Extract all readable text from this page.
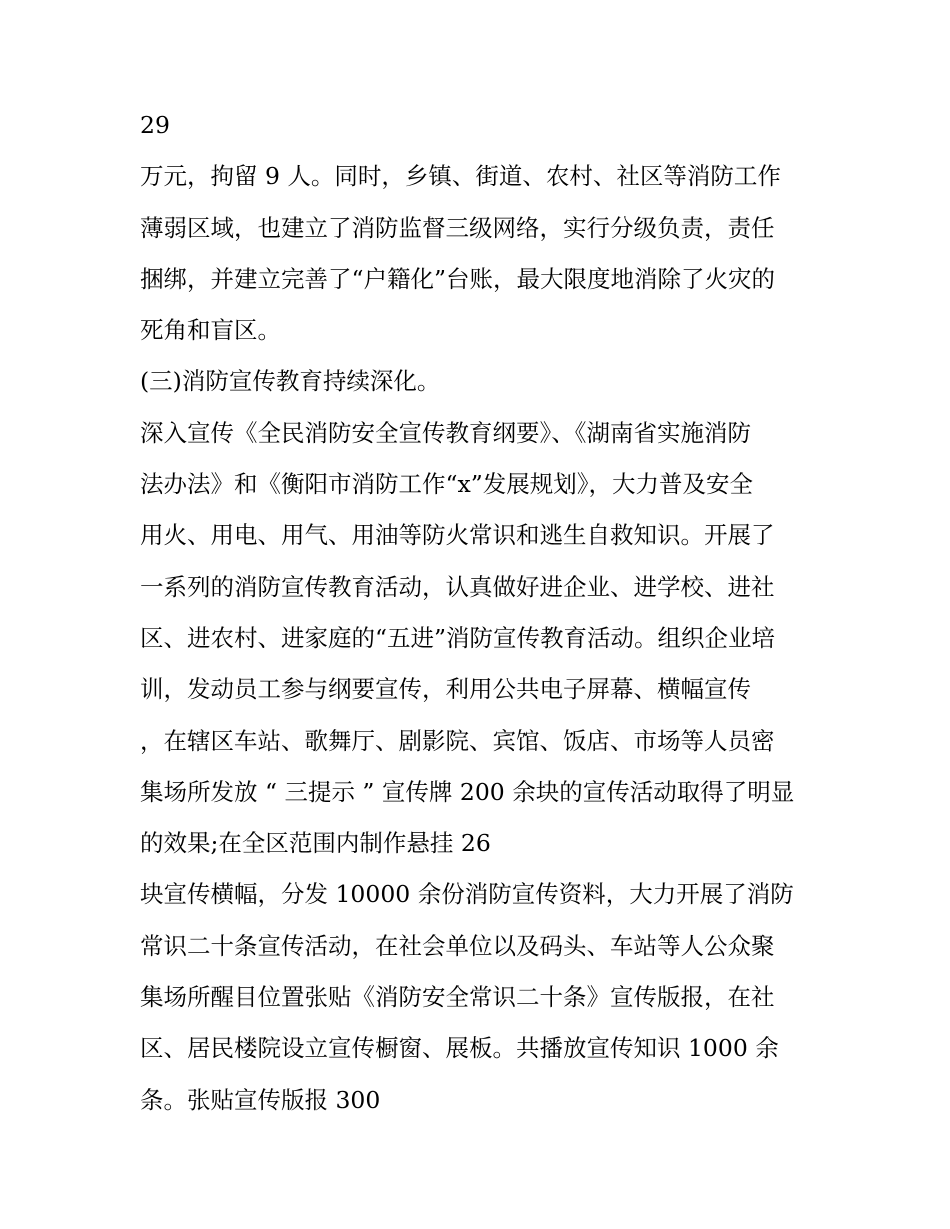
29
万元，拘留 9 人。同时，乡镇、街道、农村、社区等消防工作
薄弱区域，也建立了消防监督三级网络，实行分级负责，责任
捆绑，并建立完善了“户籍化”台账，最大限度地消除了火灾的
死角和盲区。
(三)消防宣传教育持续深化。
深入宣传《全民消防安全宣传教育纲要》、《湖南省实施消防
法办法》和《衡阳市消防工作“x”发展规划》，大力普及安全
用火、用电、用气、用油等防火常识和逃生自救知识。开展了
一系列的消防宣传教育活动，认真做好进企业、进学校、进社
区、进农村、进家庭的“五进”消防宣传教育活动。组织企业培
训，发动员工参与纲要宣传，利用公共电子屏幕、横幅宣传
，在辖区车站、歌舞厅、剧影院、宾馆、饭店、市场等人员密
集场所发放 “ 三提示 ” 宣传牌 200 余块的宣传活动取得了明显
的效果;在全区范围内制作悬挂 26
块宣传横幅，分发 10000 余份消防宣传资料，大力开展了消防
常识二十条宣传活动，在社会单位以及码头、车站等人公众聚
集场所醒目位置张贴《消防安全常识二十条》宣传版报，在社
区、居民楼院设立宣传橱窗、展板。共播放宣传知识 1000 余
条。张贴宣传版报 300
